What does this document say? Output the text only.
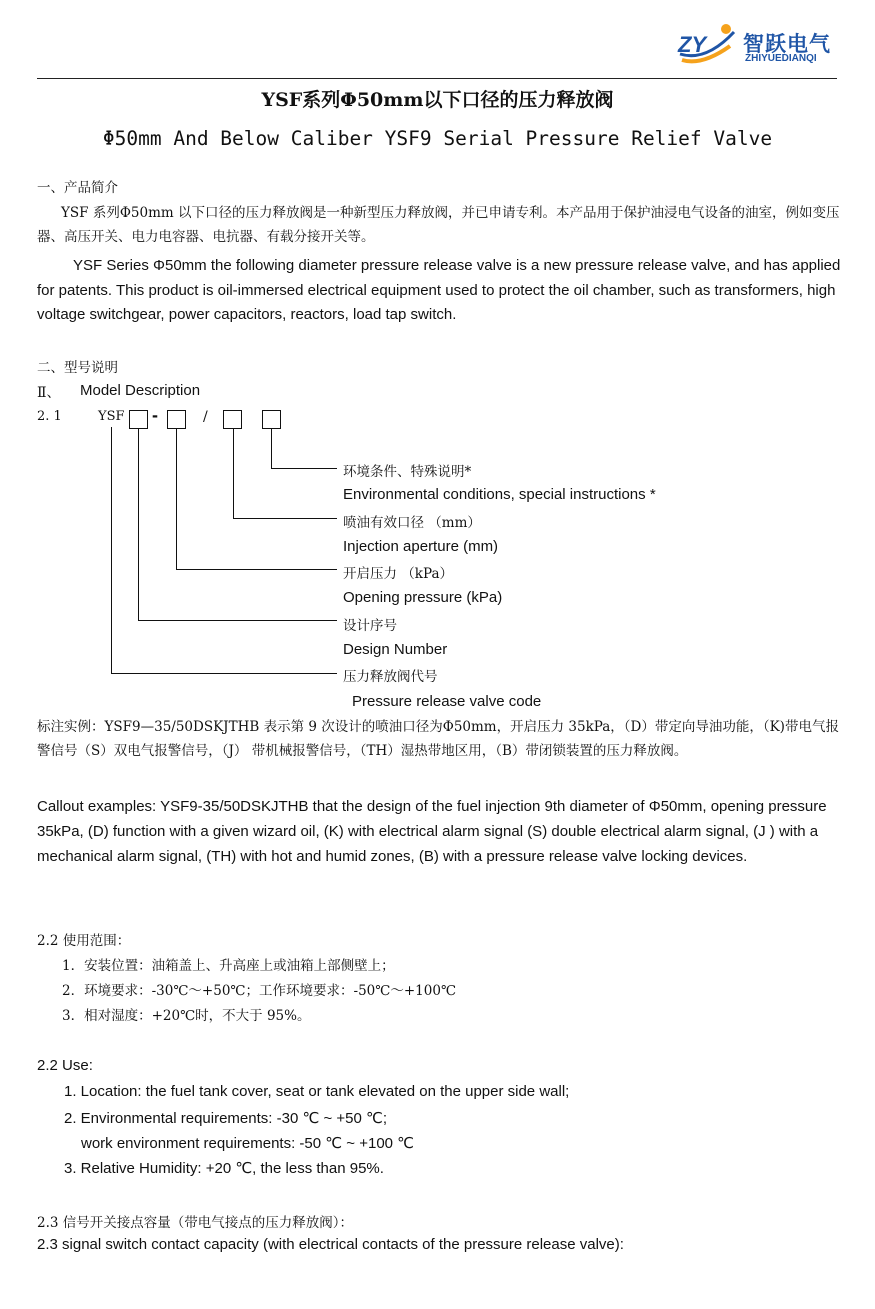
ZY 智跃电气
ZHIYUEDIANQI
YSF系列Φ50mm以下口径的压力释放阀
Φ50mm And Below Caliber YSF9 Serial Pressure Relief Valve
一、产品简介
YSF 系列Φ50mm 以下口径的压力释放阀是一种新型压力释放阀，并已申请专利。本产品用于保护油浸电气设备的油室，例如变压器、高压开关、电力电容器、电抗器、有载分接开关等。
YSF Series Φ50mm the following diameter pressure release valve is a new pressure release valve, and has applied for patents. This product is oil-immersed electrical equipment used to protect the oil chamber, such as transformers, high voltage switchgear, power capacitors, reactors, load tap switch.
二、型号说明
Ⅱ、 Model Description
2. 1	YSF -	/
环境条件、特殊说明*
Environmental conditions, special instructions *
喷油有效口径 （mm）
Injection aperture (mm)
开启压力 （kPa）
Opening pressure (kPa)
设计序号
Design Number
压力释放阀代号
Pressure release valve code
标注实例：YSF9—35/50DSKJTHB 表示第 9 次设计的喷油口径为Φ50mm，开启压力 35kPa，（D）带定向导油功能，（K)带电气报警信号（S）双电气报警信号，（J） 带机械报警信号，（TH）湿热带地区用，（B）带闭锁装置的压力释放阀。
Callout examples: YSF9-35/50DSKJTHB that the design of the fuel injection 9th diameter of Φ50mm, opening pressure 35kPa, (D) function with a given wizard oil, (K) with electrical alarm signal (S) double electrical alarm signal, (J ) with a mechanical alarm signal, (TH) with hot and humid zones, (B) with a pressure release valve locking devices.
2.2 使用范围：
1．安装位置：油箱盖上、升高座上或油箱上部侧壁上；
2．环境要求：-30℃～+50℃；工作环境要求：-50℃～+100℃
3．相对湿度：+20℃时，不大于 95%。
2.2 Use:
1. Location: the fuel tank cover, seat or tank elevated on the upper side wall;
2. Environmental requirements: -30 ℃ ~ +50 ℃;
work environment requirements: -50 ℃ ~ +100 ℃
3. Relative Humidity: +20 ℃, the less than 95%.
2.3 信号开关接点容量（带电气接点的压力释放阀）：
2.3 signal switch contact capacity (with electrical contacts of the pressure release valve):
